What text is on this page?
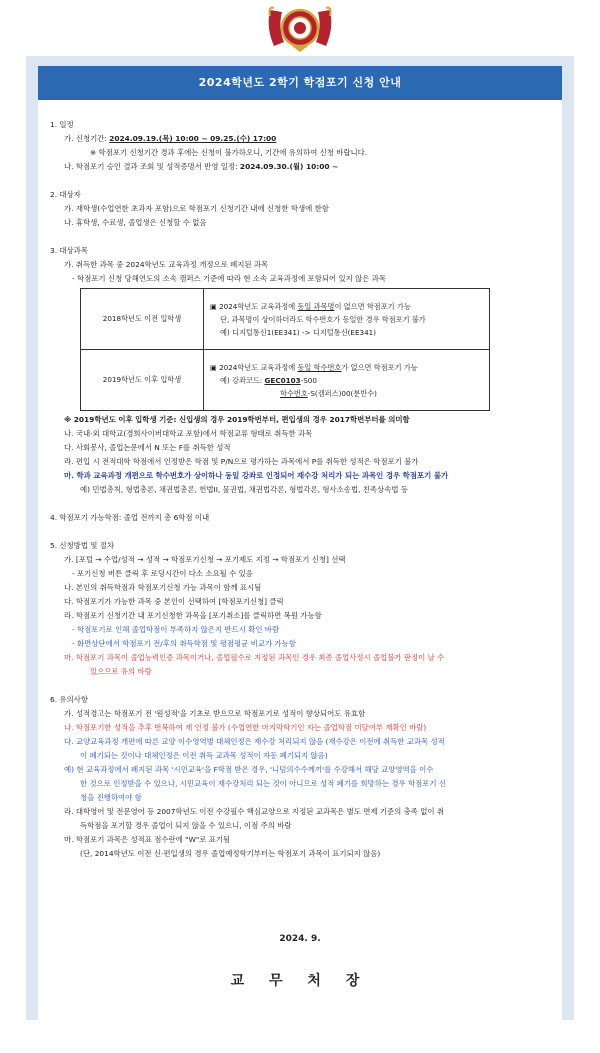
2024학년도 2학기 학점포기 신청 안내
1. 일정
가. 신청기간: 2024.09.19.(목) 10:00 ~ 09.25.(수) 17:00
※ 학점포기 신청기간 경과 후에는 신청이 불가하오니, 기간에 유의하여 신청 바랍니다.
나. 학점포기 승인 결과 조회 및 성적증명서 반영 일정: 2024.09.30.(월) 10:00 ~
2. 대상자
가. 재학생(수업연한 초과자 포함)으로 학점포기 신청기간 내에 신청한 학생에 한함
나. 휴학생, 수료생, 졸업생은 신청할 수 없음
3. 대상과목
가. 취득한 과목 중 2024학년도 교육과정 개정으로 폐지된 과목
- 학점포기 신청 당해연도의 소속 캠퍼스 기준에 따라 현 소속 교육과정에 포함되어 있지 않은 과목
2018학년도 이전 입학생	▣ 2024학년도 교육과정에 동일 과목명이 없으면 학점포기 가능
단, 과목명이 상이하더라도 학수번호가 동일한 경우 학점포기 불가
예) 디지털통신1(EE341) -> 디지털통신(EE341)

2019학년도 이후 입학생	▣ 2024학년도 교육과정에 동일 학수번호가 없으면 학점포기 가능
예) 강좌코드: GEC0103-S00
학수번호-S(캠퍼스)00(분반수)
※ 2019학년도 이후 입학생 기준: 신입생의 경우 2019학번부터, 편입생의 경우 2017학번부터를 의미함
나. 국내·외 대학교(경희사이버대학교 포함)에서 학점교류 형태로 취득한 과목
다. 사회봉사, 졸업논문에서 N 또는 F를 취득한 성적
라. 편입 시 전적대학 학점에서 인정받은 학점 및 P/N으로 평가하는 과목에서 P를 취득한 성적은 학점포기 불가
마. 학과 교육과정 개편으로 학수번호가 상이하나 동일 강좌로 인정되어 재수강 처리가 되는 과목인 경우 학점포기 불가
예) 민법총칙, 형법총론, 채권법총론, 헌법II, 물권법, 채권법각론, 형법각론, 형사소송법, 친족상속법 등
4. 학점포기 가능학점: 졸업 전까지 총 6학점 이내
5. 신청방법 및 절차
가. [포털 → 수업/성적 → 성적 → 학점포기신청 → 포기제도 지정 → 학점포기 신청] 선택
- 포기신청 버튼 클릭 후 로딩시간이 다소 소요될 수 있음
나. 본인의 취득학점과 학점포기신청 가능 과목이 함께 표시됨
다. 학점포기가 가능한 과목 중 본인이 선택하여 [학점포기신청] 클릭
라. 학점포기 신청기간 내 포기신청한 과목을 [포기취소]를 클릭하면 복원 가능함
- 학점포기로 인해 졸업학점이 부족하지 않은지 반드시 확인 바람
- 화면상단에서 학점포기 전/후의 취득학점 및 평점평균 비교가 가능함
마. 학점포기 과목이 졸업능력인증 과목이거나, 졸업필수로 지정된 과목인 경우 최종 졸업사정시 졸업불가 판정이 날 수
있으므로 유의 바람
6. 유의사항
가. 성적경고는 학점포기 전 '원성적'을 기초로 받으므로 학점포기로 성적이 향상되어도 유효함
나. 학점포기한 성적을 추후 번복하여 재 인정 불가 (수업연한 마지막학기인 자는 졸업학점 미달여부 재확인 바람)
다. 교양교육과정 개편에 따른 교양 이수영역별 대체인정은 재수강 처리되지 않음 (재수강은 이전에 취득한 교과목 성적
이 폐기되는 것이나 대체인정은 이전 취득 교과목 성적이 자동 폐기되지 않음)
예) 현 교육과정에서 폐지된 과목 '시민교육'을 F학점 받은 경우, '니덤의수수께끼'를 수강해서 해당 교양영역을 이수
한 것으로 인정받을 수 있으나, 시민교육이 재수강처리 되는 것이 아니므로 성적 폐기를 희망하는 경우 학점포기 신
청을 진행하여야 함
라. 대학영어 및 전문영어 등 2007학년도 이전 수강필수 핵심교양으로 지정된 교과목은 별도 면제 기준의 충족 없이 취
득학점을 포기할 경우 졸업이 되지 않을 수 있으니, 이점 주의 바람
마. 학점포기 과목은 성적표 점수란에 "W"로 표기됨
(단, 2014학년도 이전 신·편입생의 경우 졸업예정학기부터는 학점포기 과목이 표기되지 않음)
2024. 9.
교 무 처 장
